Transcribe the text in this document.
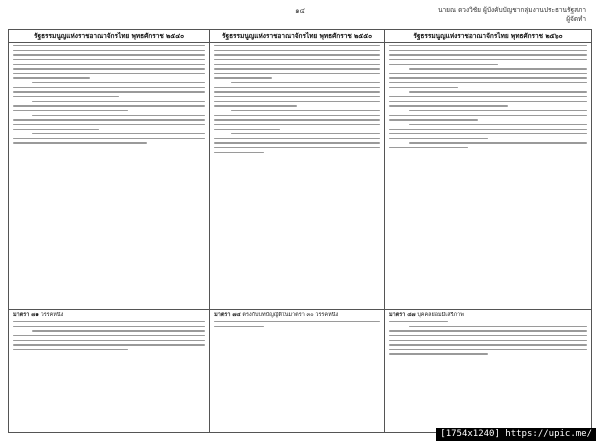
๑๔	นายณ ดวงวิชัย ผู้บังคับบัญชากลุ่มงานประธานรัฐสภา
ผู้จัดทำ
รัฐธรรมนูญแห่งราชอาณาจักรไทย พุทธศักราช ๒๕๔๐	รัฐธรรมนูญแห่งราชอาณาจักรไทย พุทธศักราช ๒๕๕๐	รัฐธรรมนูญแห่งราชอาณาจักรไทย พุทธศักราช ๒๕๖๐

มาตรา ๗๑ วรรคหนึ่ง	มาตรา ๗๔ ตรงกับบทบัญญัติในมาตรา ๓๐ วรรคหนึ่ง	มาตรา ๔๗ บุคคลย่อมมีเสรีภาพ
[1754x1240] https://upic.me/
